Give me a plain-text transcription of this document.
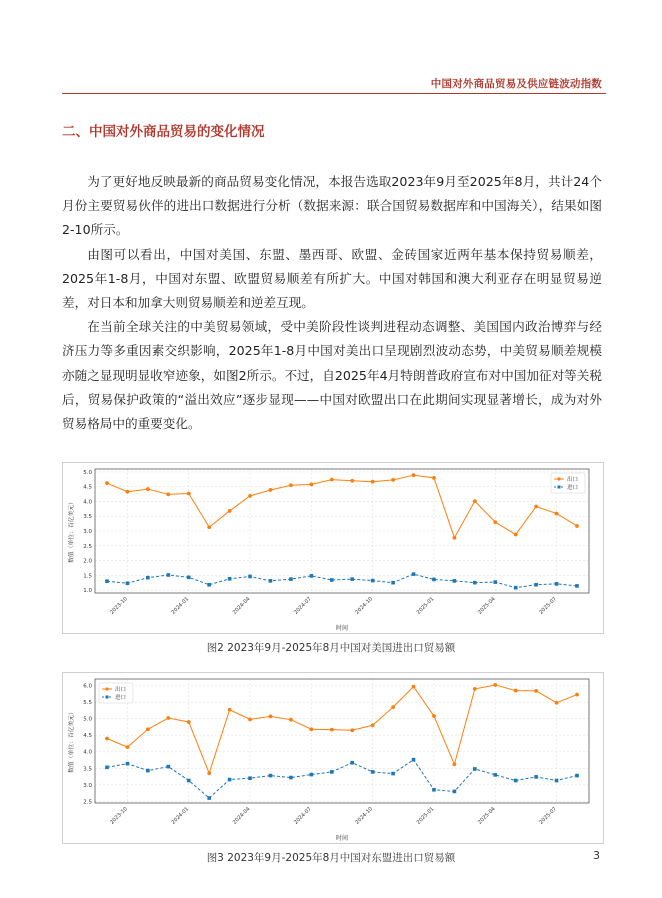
中国对外商品贸易及供应链波动指数
二、中国对外商品贸易的变化情况

为了更好地反映最新的商品贸易变化情况，本报告选取2023年9月至2025年8月，共计24个月份主要贸易伙伴的进出口数据进行分析（数据来源：联合国贸易数据库和中国海关），结果如图2-10所示。

由图可以看出，中国对美国、东盟、墨西哥、欧盟、金砖国家近两年基本保持贸易顺差，2025年1-8月，中国对东盟、欧盟贸易顺差有所扩大。中国对韩国和澳大利亚存在明显贸易逆差，对日本和加拿大则贸易顺差和逆差互现。

在当前全球关注的中美贸易领域，受中美阶段性谈判进程动态调整、美国国内政治博弈与经济压力等多重因素交织影响，2025年1-8月中国对美出口呈现剧烈波动态势，中美贸易顺差规模亦随之显现明显收窄迹象，如图2所示。不过，自2025年4月特朗普政府宣布对中国加征对等关税后，贸易保护政策的“溢出效应”逐步显现——中国对欧盟出口在此期间实现显著增长，成为对外贸易格局中的重要变化。

1.0
1.5
2.0
2.5
3.0
3.5
4.0
4.5
5.0
2023-10	2024-01	2024-04	2024-07	2024-10	2025-01	2025-04	2025-07
出口
进口
时间
数值（单位：百亿美元）
图2 2023年9月-2025年8月中国对美国进出口贸易额
2.5
3.0
3.5
4.0
4.5
5.0
5.5
6.0
2023-10	2024-01	2024-04	2024-07	2024-10	2025-01	2025-04	2025-07
出口
进口
时间
数值（单位：百亿美元）
图3 2023年9月-2025年8月中国对东盟进出口贸易额	3
